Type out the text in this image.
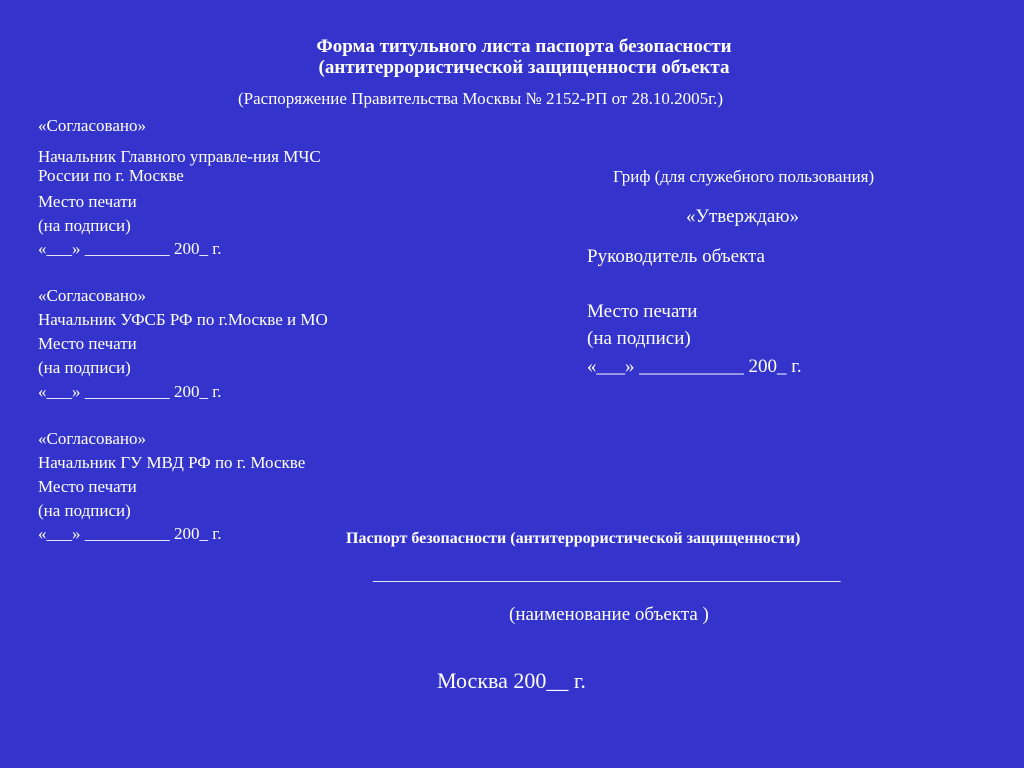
Форма титульного листа паспорта безопасности
(антитеррористической защищенности объекта
(Распоряжение Правительства Москвы № 2152-РП от 28.10.2005г.)
«Согласовано»
Начальник Главного управле-ния МЧС
России по г. Москве
Место печати
(на подписи)
«___» __________ 200_ г.
«Согласовано»
Начальник УФСБ РФ по г.Москве и МО
Место печати
(на подписи)
«___» __________ 200_ г.
«Согласовано»
Начальник ГУ МВД РФ по г. Москве
Место печати
(на подписи)
«___» __________ 200_ г.
Гриф (для служебного пользования)
«Утверждаю»
Руководитель объекта
Место печати
(на подписи)
«___» ___________ 200_ г.
Паспорт безопасности (антитеррористической защищенности)
_______________________________________________________
(наименование объекта )
Москва 200__ г.
